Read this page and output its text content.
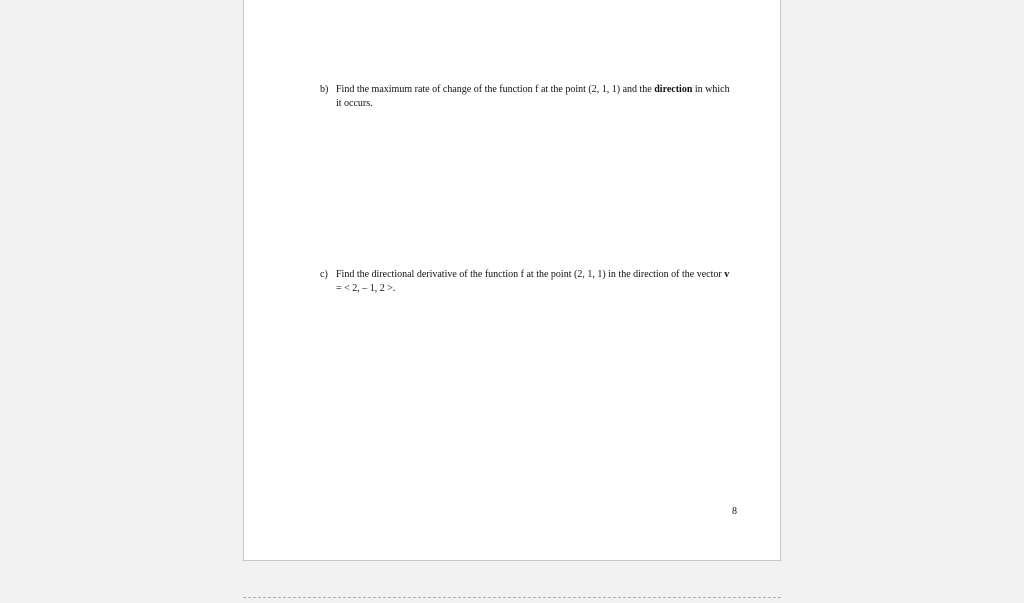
b) Find the maximum rate of change of the function f at the point (2, 1, 1) and the direction in which it occurs.
c) Find the directional derivative of the function f at the point (2, 1, 1) in the direction of the vector v = < 2, – 1, 2 >.
8
